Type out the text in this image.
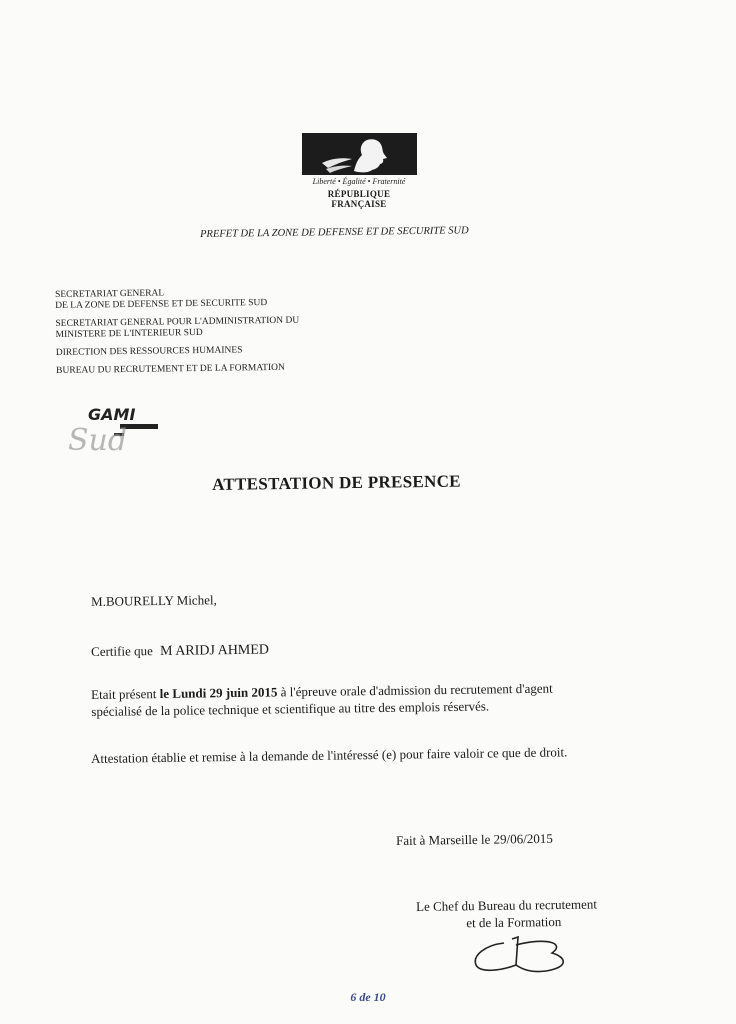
Liberté • Égalité • Fraternité
RÉPUBLIQUE FRANÇAISE
PREFET DE LA ZONE DE DEFENSE ET DE SECURITE SUD
SECRETARIAT GENERAL
DE LA ZONE DE DEFENSE ET DE SECURITE SUD
SECRETARIAT GENERAL POUR L'ADMINISTRATION DU
MINISTERE DE L'INTERIEUR SUD
DIRECTION DES RESSOURCES HUMAINES
BUREAU DU RECRUTEMENT ET DE LA FORMATION
GAMI
Sud
ATTESTATION DE PRESENCE
M.BOURELLY Michel,
Certifie que M ARIDJ AHMED
Etait présent le Lundi 29 juin 2015 à l'épreuve orale d'admission du recrutement d'agent
spécialisé de la police technique et scientifique au titre des emplois réservés.
Attestation établie et remise à la demande de l'intéressé (e) pour faire valoir ce que de droit.
Fait à Marseille le 29/06/2015
Le Chef du Bureau du recrutement
et de la Formation
6 de 10
